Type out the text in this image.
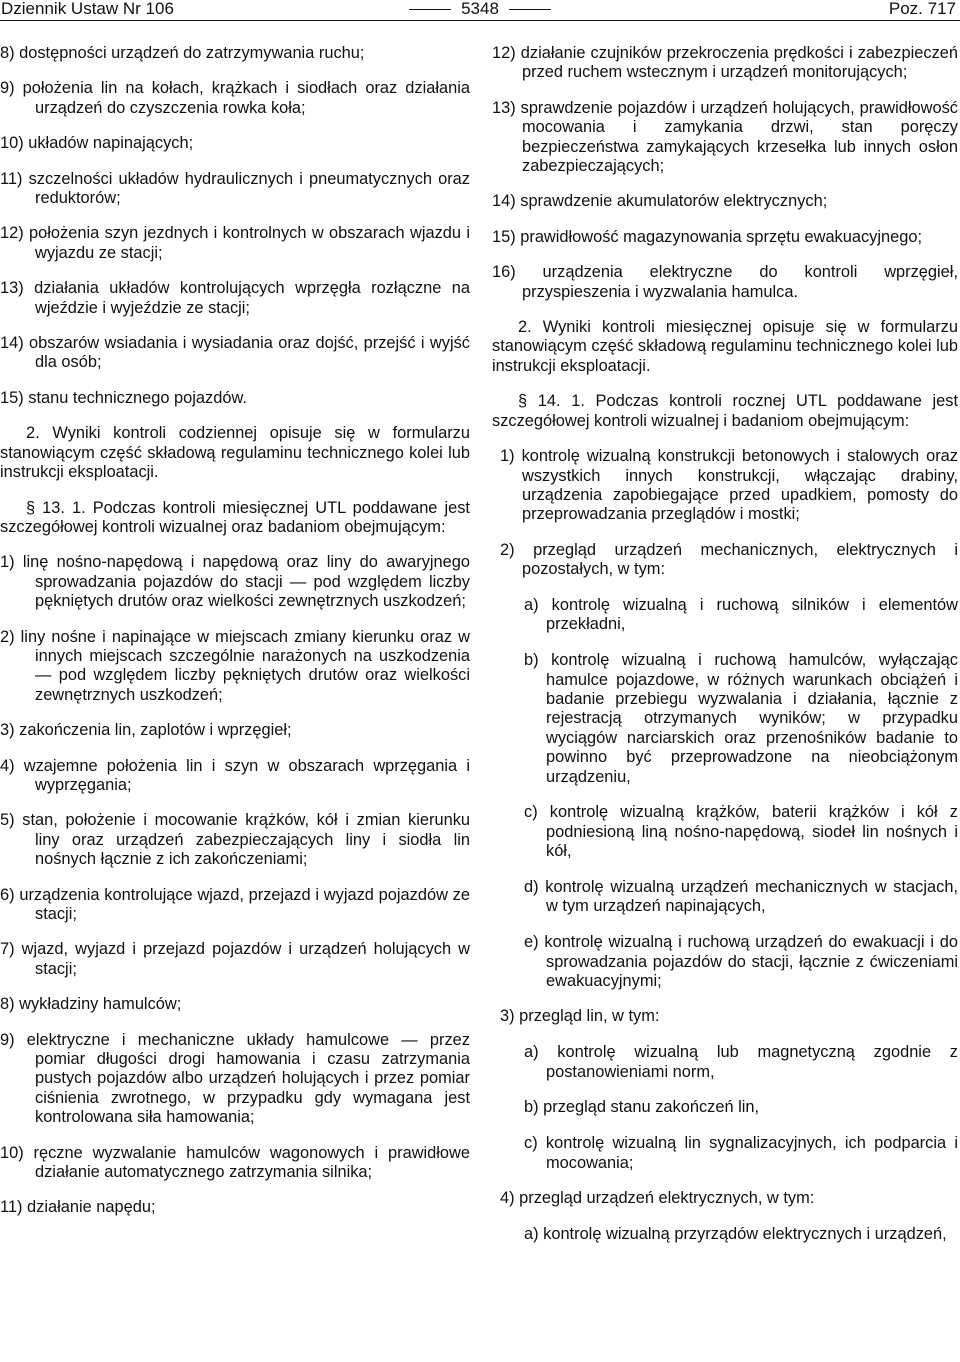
Dziennik Ustaw Nr 106	5348	Poz. 717

8) dostępności urządzeń do zatrzymywania ruchu;

9) położenia lin na kołach, krążkach i siodłach oraz działania urządzeń do czyszczenia rowka koła;

10) układów napinających;

11) szczelności układów hydraulicznych i pneumatycznych oraz reduktorów;

12) położenia szyn jezdnych i kontrolnych w obszarach wjazdu i wyjazdu ze stacji;

13) działania układów kontrolujących wprzęgła rozłączne na wjeździe i wyjeździe ze stacji;

14) obszarów wsiadania i wysiadania oraz dojść, przejść i wyjść dla osób;

15) stanu technicznego pojazdów.

2. Wyniki kontroli codziennej opisuje się w formularzu stanowiącym część składową regulaminu technicznego kolei lub instrukcji eksploatacji.

§ 13. 1. Podczas kontroli miesięcznej UTL poddawane jest szczegółowej kontroli wizualnej oraz badaniom obejmującym:

1) linę nośno-napędową i napędową oraz liny do awaryjnego sprowadzania pojazdów do stacji — pod względem liczby pękniętych drutów oraz wielkości zewnętrznych uszkodzeń;

2) liny nośne i napinające w miejscach zmiany kierunku oraz w innych miejscach szczególnie narażonych na uszkodzenia — pod względem liczby pękniętych drutów oraz wielkości zewnętrznych uszkodzeń;

3) zakończenia lin, zaplotów i wprzęgieł;

4) wzajemne położenia lin i szyn w obszarach wprzęgania i wyprzęgania;

5) stan, położenie i mocowanie krążków, kół i zmian kierunku liny oraz urządzeń zabezpieczających liny i siodła lin nośnych łącznie z ich zakończeniami;

6) urządzenia kontrolujące wjazd, przejazd i wyjazd pojazdów ze stacji;

7) wjazd, wyjazd i przejazd pojazdów i urządzeń holujących w stacji;

8) wykładziny hamulców;

9) elektryczne i mechaniczne układy hamulcowe — przez pomiar długości drogi hamowania i czasu zatrzymania pustych pojazdów albo urządzeń holujących i przez pomiar ciśnienia zwrotnego, w przypadku gdy wymagana jest kontrolowana siła hamowania;

10) ręczne wyzwalanie hamulców wagonowych i prawidłowe działanie automatycznego zatrzymania silnika;

11) działanie napędu;

12) działanie czujników przekroczenia prędkości i zabezpieczeń przed ruchem wstecznym i urządzeń monitorujących;

13) sprawdzenie pojazdów i urządzeń holujących, prawidłowość mocowania i zamykania drzwi, stan poręczy bezpieczeństwa zamykających krzesełka lub innych osłon zabezpieczających;

14) sprawdzenie akumulatorów elektrycznych;

15) prawidłowość magazynowania sprzętu ewakuacyjnego;

16) urządzenia elektryczne do kontroli wprzęgieł, przyspieszenia i wyzwalania hamulca.

2. Wyniki kontroli miesięcznej opisuje się w formularzu stanowiącym część składową regulaminu technicznego kolei lub instrukcji eksploatacji.

§ 14. 1. Podczas kontroli rocznej UTL poddawane jest szczegółowej kontroli wizualnej i badaniom obejmującym:

1) kontrolę wizualną konstrukcji betonowych i stalowych oraz wszystkich innych konstrukcji, włączając drabiny, urządzenia zapobiegające przed upadkiem, pomosty do przeprowadzania przeglądów i mostki;

2) przegląd urządzeń mechanicznych, elektrycznych i pozostałych, w tym:

a) kontrolę wizualną i ruchową silników i elementów przekładni,

b) kontrolę wizualną i ruchową hamulców, wyłączając hamulce pojazdowe, w różnych warunkach obciążeń i badanie przebiegu wyzwalania i działania, łącznie z rejestracją otrzymanych wyników; w przypadku wyciągów narciarskich oraz przenośników badanie to powinno być przeprowadzone na nieobciążonym urządzeniu,

c) kontrolę wizualną krążków, baterii krążków i kół z podniesioną liną nośno-napędową, siodeł lin nośnych i kół,

d) kontrolę wizualną urządzeń mechanicznych w stacjach, w tym urządzeń napinających,

e) kontrolę wizualną i ruchową urządzeń do ewakuacji i do sprowadzania pojazdów do stacji, łącznie z ćwiczeniami ewakuacyjnymi;

3) przegląd lin, w tym:

a) kontrolę wizualną lub magnetyczną zgodnie z postanowieniami norm,

b) przegląd stanu zakończeń lin,

c) kontrolę wizualną lin sygnalizacyjnych, ich podparcia i mocowania;

4) przegląd urządzeń elektrycznych, w tym:

a) kontrolę wizualną przyrządów elektrycznych i urządzeń,
